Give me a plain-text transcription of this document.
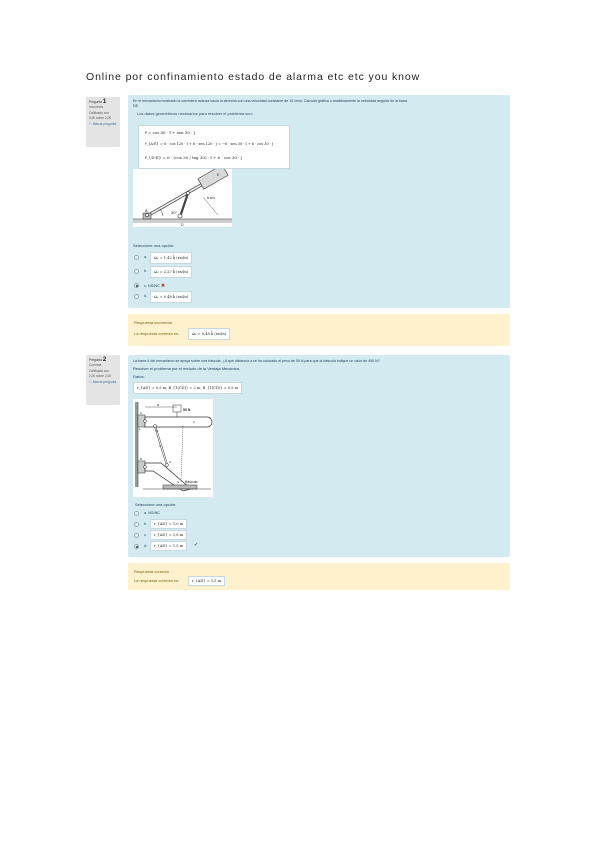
Online por confinamiento estado de alarma etc etc you know
Pregunta 1
Incorrecta
Calificado con
0,00 sobre 2,00
⚐ Marcar pregunta
En el mecanismo mostrado la corredera avanza hacia la derecha con una velocidad constante de 10 cm/s. Calcular gráfica o analíticamente la velocidad angular de la barra
DE.
Los datos geométricos necesarios para resolver el problema son:
r⃗ = cos 30 · î + sen 30 · ĵ
r⃗_{A-E} = 6 · cos 120 · î + 6 · sen 120 · ĵ = −6 · sen 30 · î + 6 · cos 30 · ĵ
r⃗_{D-E} = 6 · (cos 30 / tag 30) · î + 6 · cos 30 · ĵ
A	30°
6 cm
D
E
Seleccione una opción:
a.	ω⃗₂ = 1,42 k̂ (rad/s)
b.	ω⃗₂ = 2,27 k̂ (rad/s)
c. NS/NC ✖
d.	ω⃗₂ = 0,48 k̂ (rad/s)
Respuesta incorrecta.
La respuesta correcta es:	ω⃗₂ = 0,48 k̂ (rad/s)
Pregunta 2
Correcta
Calificado con
2,00 sobre 2,00
⚐ Marcar pregunta
La barra 4 del mecanismo se apoya sobre una báscula. ¿A qué distancia a se ha colocado el peso de 50 N para que la báscula indique un valor de 400 N?
Resolver el problema por el método de la Ventaja Mecánica.
Datos:
r_{AD} = 0,5 m; B_{1(CD)} = 2 m; B_{1(CD)} = 0,5 m
a
50 N
Báscula
A
B
C
D
1
2
3
4
Seleccione una opción:
a. NS/NC
b.	r_{AD} = 1,0 m
c.	r_{AD} = 1,8 m
d.	r_{AD} = 1,5 m	✔
Respuesta correcta
La respuesta correcta es:	r_{AD} = 1,5 m
